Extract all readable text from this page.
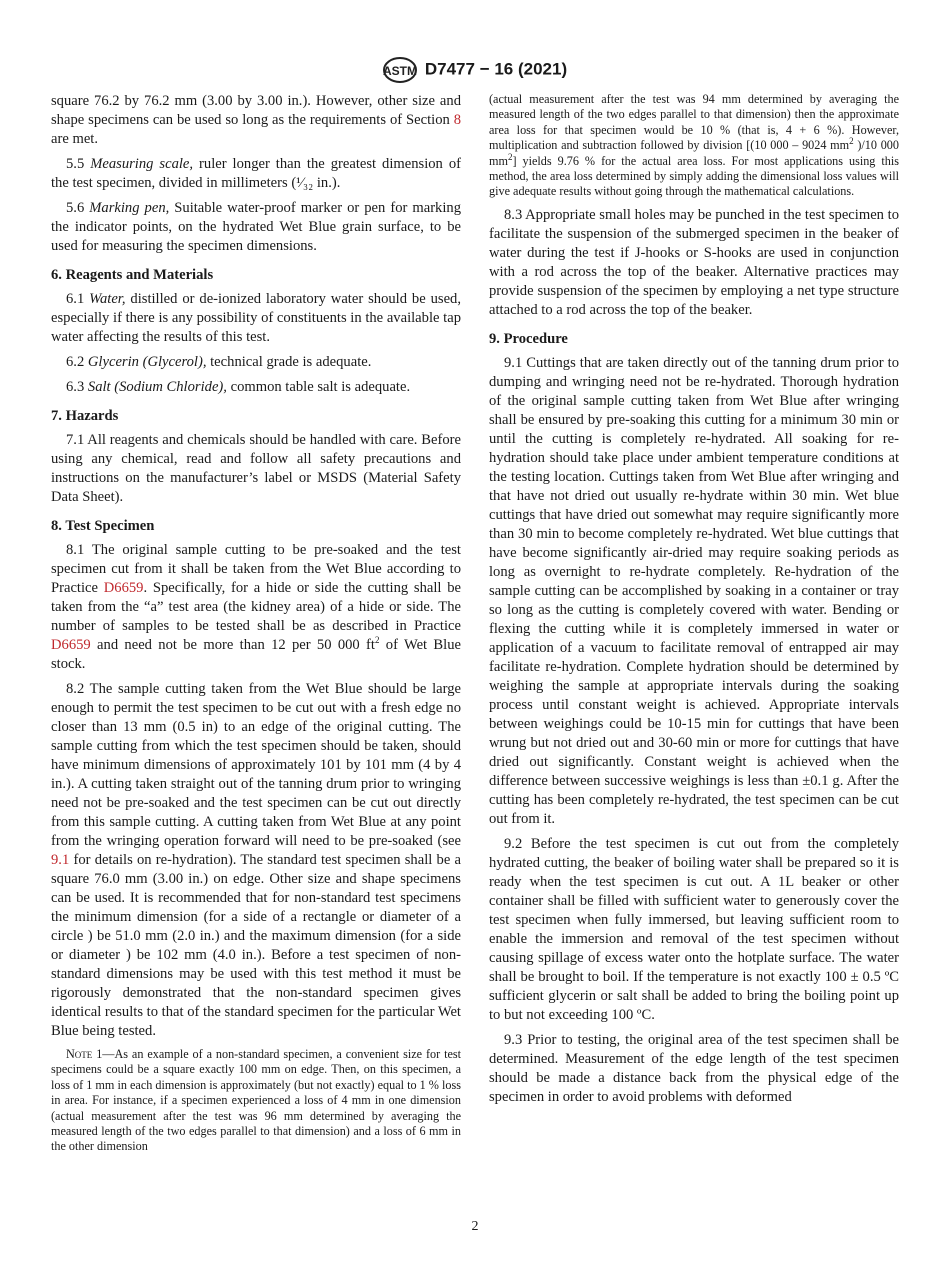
ASTM D7477 − 16 (2021)

square 76.2 by 76.2 mm (3.00 by 3.00 in.). However, other size and shape specimens can be used so long as the requirements of Section 8 are met.

5.5 Measuring scale, ruler longer than the greatest dimension of the test specimen, divided in millimeters (¹⁄₃₂ in.).

5.6 Marking pen, Suitable water-proof marker or pen for marking the indicator points, on the hydrated Wet Blue grain surface, to be used for measuring the specimen dimensions.

6. Reagents and Materials

6.1 Water, distilled or de-ionized laboratory water should be used, especially if there is any possibility of constituents in the available tap water affecting the results of this test.

6.2 Glycerin (Glycerol), technical grade is adequate.

6.3 Salt (Sodium Chloride), common table salt is adequate.

7. Hazards

7.1 All reagents and chemicals should be handled with care. Before using any chemical, read and follow all safety precautions and instructions on the manufacturer’s label or MSDS (Material Safety Data Sheet).

8. Test Specimen

8.1 The original sample cutting to be pre-soaked and the test specimen cut from it shall be taken from the Wet Blue according to Practice D6659. Specifically, for a hide or side the cutting shall be taken from the “a” test area (the kidney area) of a hide or side. The number of samples to be tested shall be as described in Practice D6659 and need not be more than 12 per 50 000 $ft^2$ of Wet Blue stock.

8.2 The sample cutting taken from the Wet Blue should be large enough to permit the test specimen to be cut out with a fresh edge no closer than 13 mm (0.5 in) to an edge of the original cutting. The sample cutting from which the test specimen should be taken, should have minimum dimensions of approximately 101 by 101 mm (4 by 4 in.). A cutting taken straight out of the tanning drum prior to wringing need not be pre-soaked and the test specimen can be cut out directly from this sample cutting. A cutting taken from Wet Blue at any point from the wringing operation forward will need to be pre-soaked (see 9.1 for details on re-hydration). The standard test specimen shall be a square 76.0 mm (3.00 in.) on edge. Other size and shape specimens can be used. It is recommended that for non-standard test specimens the minimum dimension (for a side of a rectangle or diameter of a circle ) be 51.0 mm (2.0 in.) and the maximum dimension (for a side or diameter ) be 102 mm (4.0 in.). Before a test specimen of non-standard dimensions may be used with this test method it must be rigorously demonstrated that the non-standard specimen gives identical results to that of the standard specimen for the particular Wet Blue being tested.

Note 1—As an example of a non-standard specimen, a convenient size for test specimens could be a square exactly 100 mm on edge. Then, on this specimen, a loss of 1 mm in each dimension is approximately (but not exactly) equal to 1 % loss in area. For instance, if a specimen experienced a loss of 4 mm in one dimension (actual measurement after the test was 96 mm determined by averaging the measured length of the two edges parallel to that dimension) and a loss of 6 mm in the other dimension

(actual measurement after the test was 94 mm determined by averaging the measured length of the two edges parallel to that dimension) then the approximate area loss for that specimen would be 10 % (that is, 4 + 6 %). However, multiplication and subtraction followed by division [(10 000 – 9024 $mm^2$ )/10 000 $mm^2$] yields 9.76 % for the actual area loss. For most applications using this method, the area loss determined by simply adding the dimensional loss values will give adequate results without going through the mathematical calculations.

8.3 Appropriate small holes may be punched in the test specimen to facilitate the suspension of the submerged specimen in the beaker of water during the test if J-hooks or S-hooks are used in conjunction with a rod across the top of the beaker. Alternative practices may provide suspension of the specimen by employing a net type structure attached to a rod across the top of the beaker.

9. Procedure

9.1 Cuttings that are taken directly out of the tanning drum prior to dumping and wringing need not be re-hydrated. Thorough hydration of the original sample cutting taken from Wet Blue after wringing shall be ensured by pre-soaking this cutting for a minimum 30 min or until the cutting is completely re-hydrated. All soaking for re-hydration should take place under ambient temperature conditions at the testing location. Cuttings taken from Wet Blue after wringing and that have not dried out usually re-hydrate within 30 min. Wet blue cuttings that have dried out somewhat may require significantly more than 30 min to become completely re-hydrated. Wet blue cuttings that have become significantly air-dried may require soaking periods as long as overnight to re-hydrate completely. Re-hydration of the sample cutting can be accomplished by soaking in a container or tray so long as the cutting is completely covered with water. Bending or flexing the cutting while it is completely immersed in water or application of a vacuum to facilitate removal of entrapped air may facilitate re-hydration. Complete hydration should be determined by weighing the sample at appropriate intervals during the soaking process until constant weight is achieved. Appropriate intervals between weighings could be 10-15 min for cuttings that have been wrung but not dried out and 30-60 min or more for cuttings that have dried out significantly. Constant weight is achieved when the difference between successive weighings is less than ±0.1 g. After the cutting has been completely re-hydrated, the test specimen can be cut out from it.

9.2 Before the test specimen is cut out from the completely hydrated cutting, the beaker of boiling water shall be prepared so it is ready when the test specimen is cut out. A 1L beaker or other container shall be filled with sufficient water to generously cover the test specimen when fully immersed, but leaving sufficient room to enable the immersion and removal of the test specimen without causing spillage of excess water onto the hotplate surface. The water shall be brought to boil. If the temperature is not exactly 100 ± 0.5 ºC sufficient glycerin or salt shall be added to bring the boiling point up to but not exceeding 100 ºC.

9.3 Prior to testing, the original area of the test specimen shall be determined. Measurement of the edge length of the test specimen should be made a distance back from the physical edge of the specimen in order to avoid problems with deformed

2
